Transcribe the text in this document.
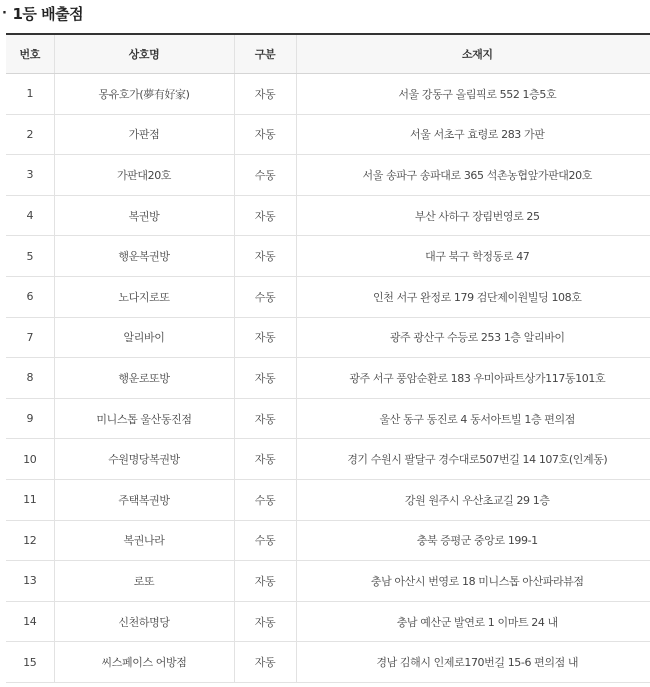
· 1등 배출점
번호	상호명	구분	소재지
1	몽유호가(夢有好家)	자동	서울 강동구 올림픽로 552 1층5호
2	가판점	자동	서울 서초구 효령로 283 가판
3	가판대20호	수동	서울 송파구 송파대로 365 석촌농협앞가판대20호
4	복권방	자동	부산 사하구 장림번영로 25
5	행운복권방	자동	대구 북구 학정동로 47
6	노다지로또	수동	인천 서구 완정로 179 검단제이원빌딩 108호
7	알리바이	자동	광주 광산구 수등로 253 1층 알리바이
8	행운로또방	자동	광주 서구 풍암순환로 183 우미아파트상가117동101호
9	미니스톱 울산동진점	자동	울산 동구 동진로 4 동서아트빌 1층 편의점
10	수원명당복권방	자동	경기 수원시 팔달구 경수대로507번길 14 107호(인계동)
11	주택복권방	수동	강원 원주시 우산초교길 29 1층
12	복권나라	수동	충북 증평군 중앙로 199-1
13	로또	자동	충남 아산시 번영로 18 미니스톱 아산파라뷰점
14	신천하명당	자동	충남 예산군 발연로 1 이마트 24 내
15	씨스페이스 어방점	자동	경남 김해시 인제로170번길 15-6 편의점 내
